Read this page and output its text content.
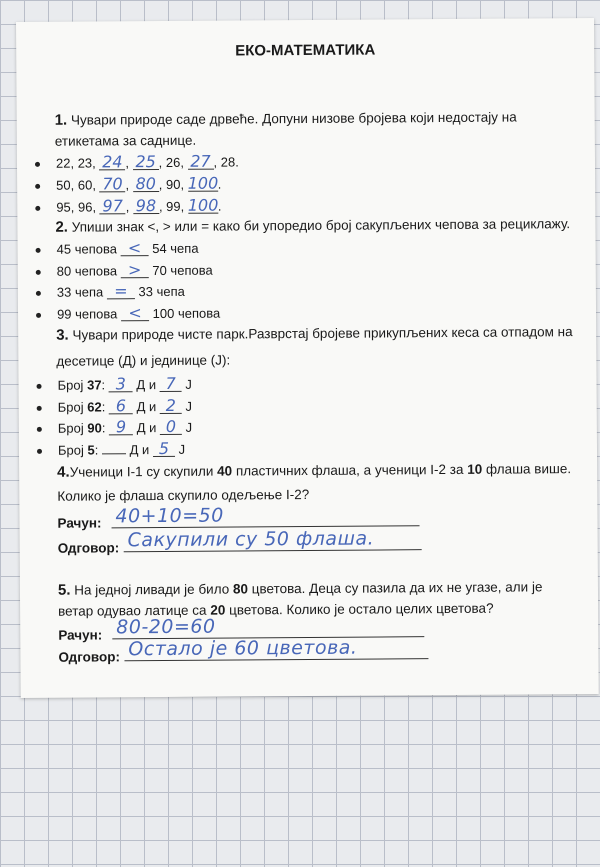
ЕКО-МАТЕМАТИКА
1. Чувари природе саде дрвеће. Допуни низове бројева који недостају на
етикетама за саднице.
22, 23, 24 , 25 , 26, 27 , 28.
50, 60, 70 , 80 , 90, 100.
95, 96, 97 , 98 , 99, 100.
2. Упиши знак <, > или = како би упоредио број сакупљених чепова за рециклажу.
45 чепова < 54 чепа
80 чепова > 70 чепова
33 чепа = 33 чепа
99 чепова < 100 чепова
3. Чувари природе чисте парк.Разврстај бројеве прикупљених кеса са отпадом на
десетице (Д) и јединице (Ј):
Број 37: 3 Д и 7 Ј
Број 62: 6 Д и 2 Ј
Број 90: 9 Д и 0 Ј
Број 5:  Д и 5 Ј
4.Ученици I-1 су скупили 40 пластичних флаша, а ученици I-2 за 10 флаша више.
Колико је флаша скупило одељење I-2?
Рачун: 40+10=50
Одговор: Сакупили су 50 флаша.
5. На једној ливади је било 80 цветова. Деца су пазила да их не угазе, али је
ветар одувао латице са 20 цветова. Колико је остало целих цветова?
Рачун: 80-20=60
Одговор: Остало је 60 цветова.
